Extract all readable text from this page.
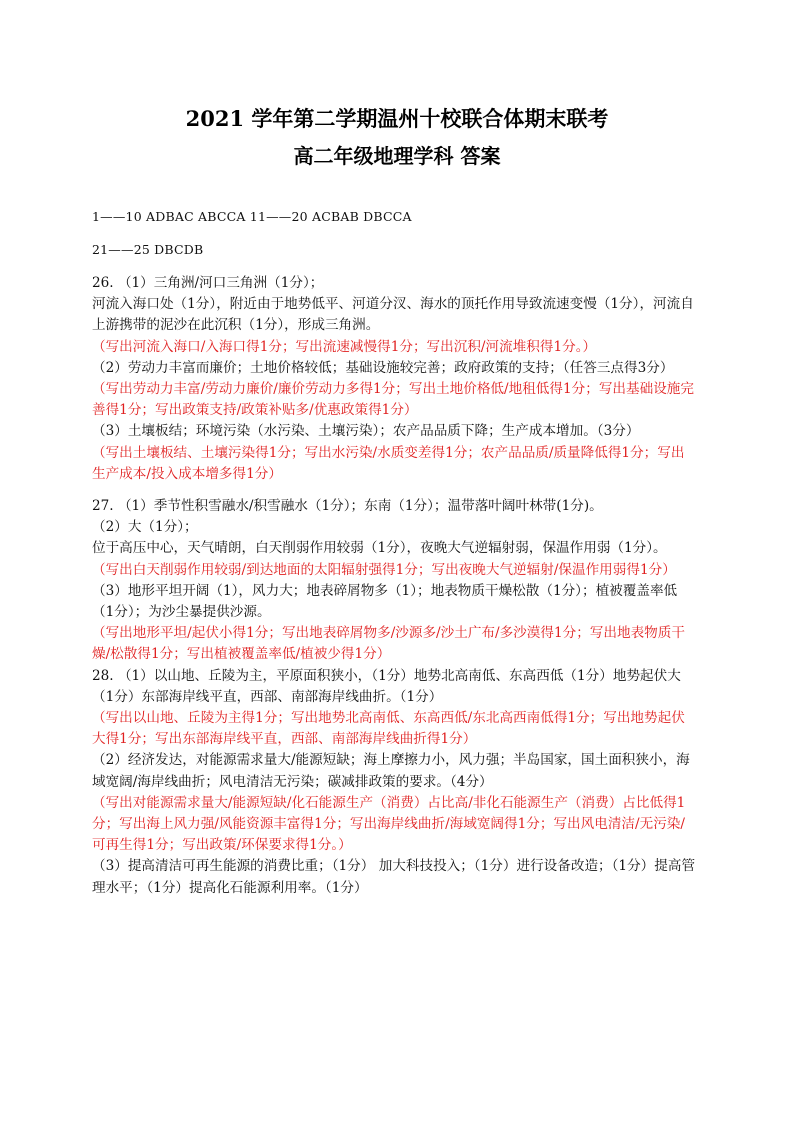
2021 学年第二学期温州十校联合体期末联考
高二年级地理学科 答案
1——10 ADBAC ABCCA 11——20 ACBAB DBCCA
21——25 DBCDB

26. （1）三角洲/河口三角洲（1分）；

河流入海口处（1分），附近由于地势低平、河道分汊、海水的顶托作用导致流速变慢（1分），河流自上游携带的泥沙在此沉积（1分），形成三角洲。

（写出河流入海口/入海口得1分；写出流速减慢得1分；写出沉积/河流堆积得1分。）

（2）劳动力丰富而廉价；土地价格较低；基础设施较完善；政府政策的支持；（任答三点得3分）

（写出劳动力丰富/劳动力廉价/廉价劳动力多得1分；写出土地价格低/地租低得1分；写出基础设施完善得1分；写出政策支持/政策补贴多/优惠政策得1分）

（3）土壤板结；环境污染（水污染、土壤污染）；农产品品质下降；生产成本增加。（3分）

（写出土壤板结、土壤污染得1分；写出水污染/水质变差得1分；农产品品质/质量降低得1分；写出生产成本/投入成本增多得1分）

27. （1）季节性积雪融水/积雪融水（1分）；东南（1分）；温带落叶阔叶林带(1分)。

（2）大（1分）；

位于高压中心，天气晴朗，白天削弱作用较弱（1分），夜晚大气逆辐射弱，保温作用弱（1分）。

（写出白天削弱作用较弱/到达地面的太阳辐射强得1分；写出夜晚大气逆辐射/保温作用弱得1分）

（3）地形平坦开阔（1），风力大；地表碎屑物多（1）；地表物质干燥松散（1分）；植被覆盖率低（1分）；为沙尘暴提供沙源。

（写出地形平坦/起伏小得1分；写出地表碎屑物多/沙源多/沙土广布/多沙漠得1分；写出地表物质干燥/松散得1分；写出植被覆盖率低/植被少得1分）

28. （1）以山地、丘陵为主，平原面积狭小，（1分）地势北高南低、东高西低（1分）地势起伏大（1分）东部海岸线平直，西部、南部海岸线曲折。（1分）

（写出以山地、丘陵为主得1分；写出地势北高南低、东高西低/东北高西南低得1分；写出地势起伏大得1分；写出东部海岸线平直，西部、南部海岸线曲折得1分）

（2）经济发达，对能源需求量大/能源短缺；海上摩擦力小，风力强；半岛国家，国土面积狭小，海域宽阔/海岸线曲折；风电清洁无污染；碳减排政策的要求。（4分）

（写出对能源需求量大/能源短缺/化石能源生产（消费）占比高/非化石能源生产（消费）占比低得1分；写出海上风力强/风能资源丰富得1分；写出海岸线曲折/海域宽阔得1分；写出风电清洁/无污染/可再生得1分；写出政策/环保要求得1分。）

（3）提高清洁可再生能源的消费比重；（1分） 加大科技投入；（1分）进行设备改造；（1分）提高管理水平；（1分）提高化石能源利用率。（1分）
